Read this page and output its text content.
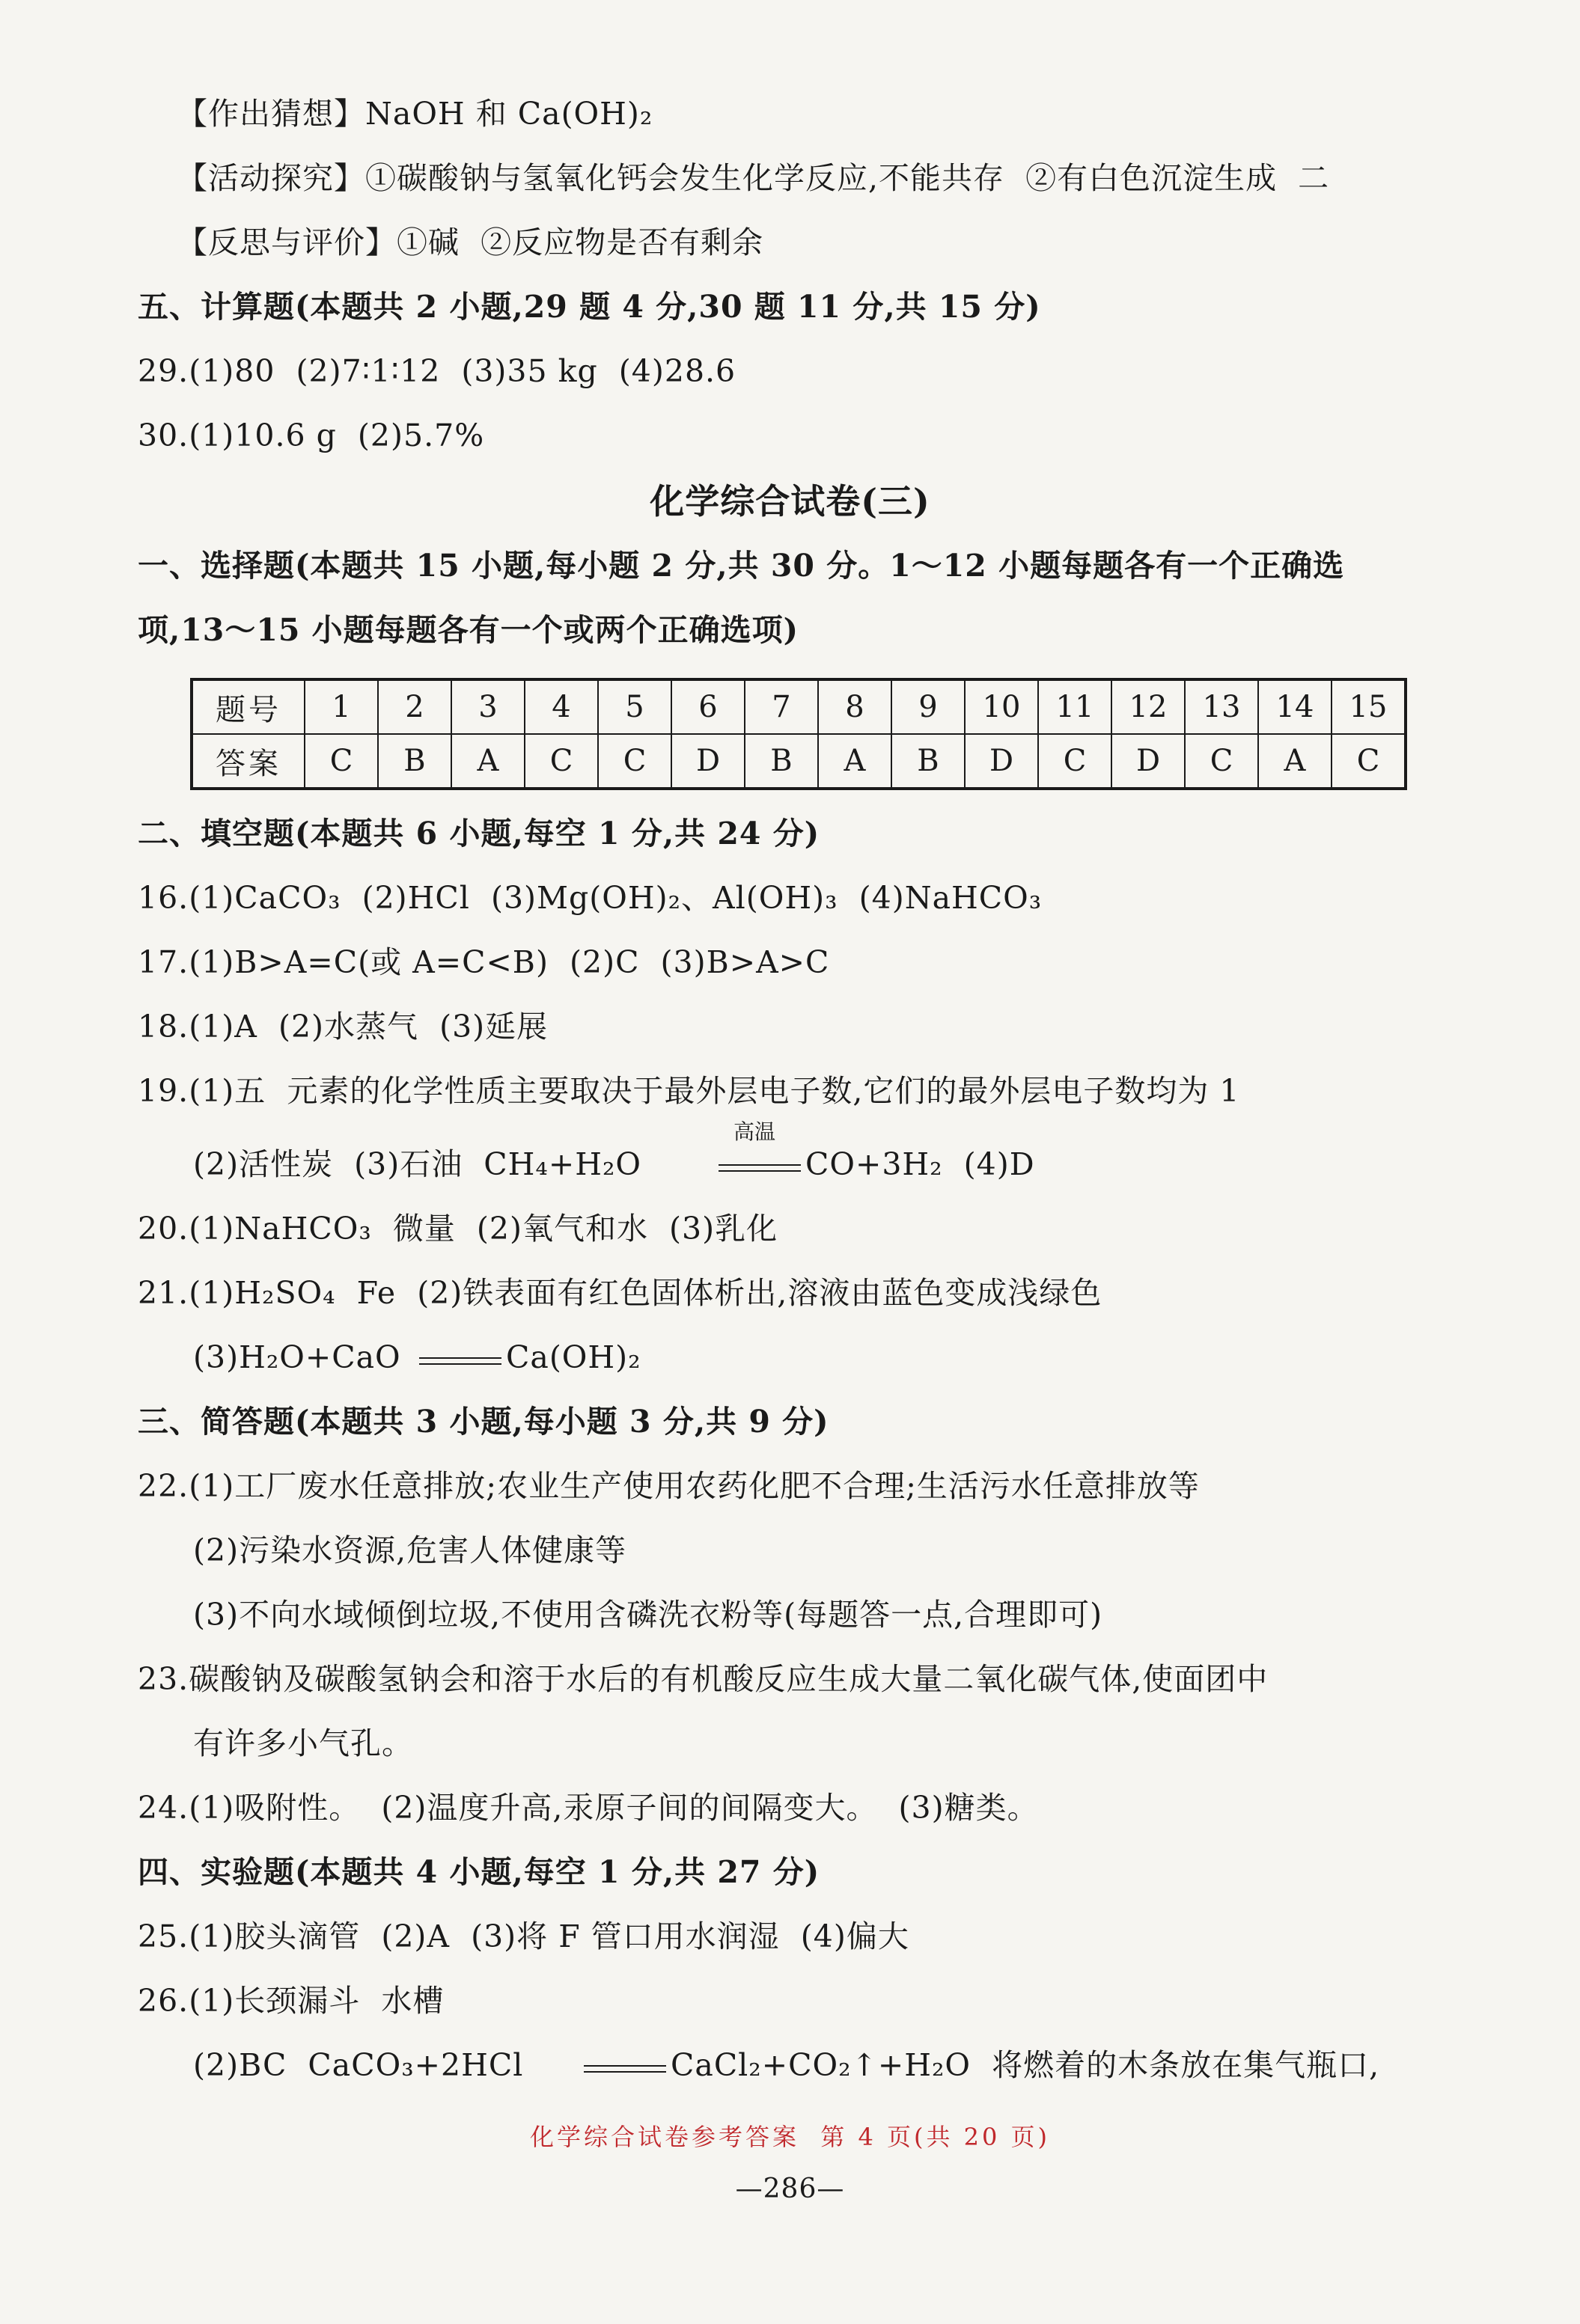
【作出猜想】NaOH 和 Ca(OH)₂
【活动探究】①碳酸钠与氢氧化钙会发生化学反应,不能共存  ②有白色沉淀生成  二
【反思与评价】①碱  ②反应物是否有剩余
五、计算题(本题共 2 小题,29 题 4 分,30 题 11 分,共 15 分)
29.(1)80  (2)7∶1∶12  (3)35 kg  (4)28.6
30.(1)10.6 g  (2)5.7%
化学综合试卷(三)
一、选择题(本题共 15 小题,每小题 2 分,共 30 分。1～12 小题每题各有一个正确选
项,13～15 小题每题各有一个或两个正确选项)
题号	1	2	3	4	5	6	7	8	9	10	11	12	13	14	15
答案	C	B	A	C	C	D	B	A	B	D	C	D	C	A	C
二、填空题(本题共 6 小题,每空 1 分,共 24 分)
16.(1)CaCO₃  (2)HCl  (3)Mg(OH)₂、Al(OH)₃  (4)NaHCO₃
17.(1)B>A=C(或 A=C<B)  (2)C  (3)B>A>C
18.(1)A  (2)水蒸气  (3)延展
19.(1)五  元素的化学性质主要取决于最外层电子数,它们的最外层电子数均为 1
(2)活性炭  (3)石油  CH₄+H₂O
高温
CO+3H₂  (4)D
20.(1)NaHCO₃  微量  (2)氧气和水  (3)乳化
21.(1)H₂SO₄  Fe  (2)铁表面有红色固体析出,溶液由蓝色变成浅绿色
(3)H₂O+CaO	Ca(OH)₂
三、简答题(本题共 3 小题,每小题 3 分,共 9 分)
22.(1)工厂废水任意排放;农业生产使用农药化肥不合理;生活污水任意排放等
(2)污染水资源,危害人体健康等
(3)不向水域倾倒垃圾,不使用含磷洗衣粉等(每题答一点,合理即可)
23.碳酸钠及碳酸氢钠会和溶于水后的有机酸反应生成大量二氧化碳气体,使面团中
有许多小气孔。
24.(1)吸附性。  (2)温度升高,汞原子间的间隔变大。  (3)糖类。
四、实验题(本题共 4 小题,每空 1 分,共 27 分)
25.(1)胶头滴管  (2)A  (3)将 F 管口用水润湿  (4)偏大
26.(1)长颈漏斗  水槽
(2)BC  CaCO₃+2HCl	CaCl₂+CO₂↑+H₂O  将燃着的木条放在集气瓶口,
化学综合试卷参考答案  第 4 页(共 20 页)
—286—
